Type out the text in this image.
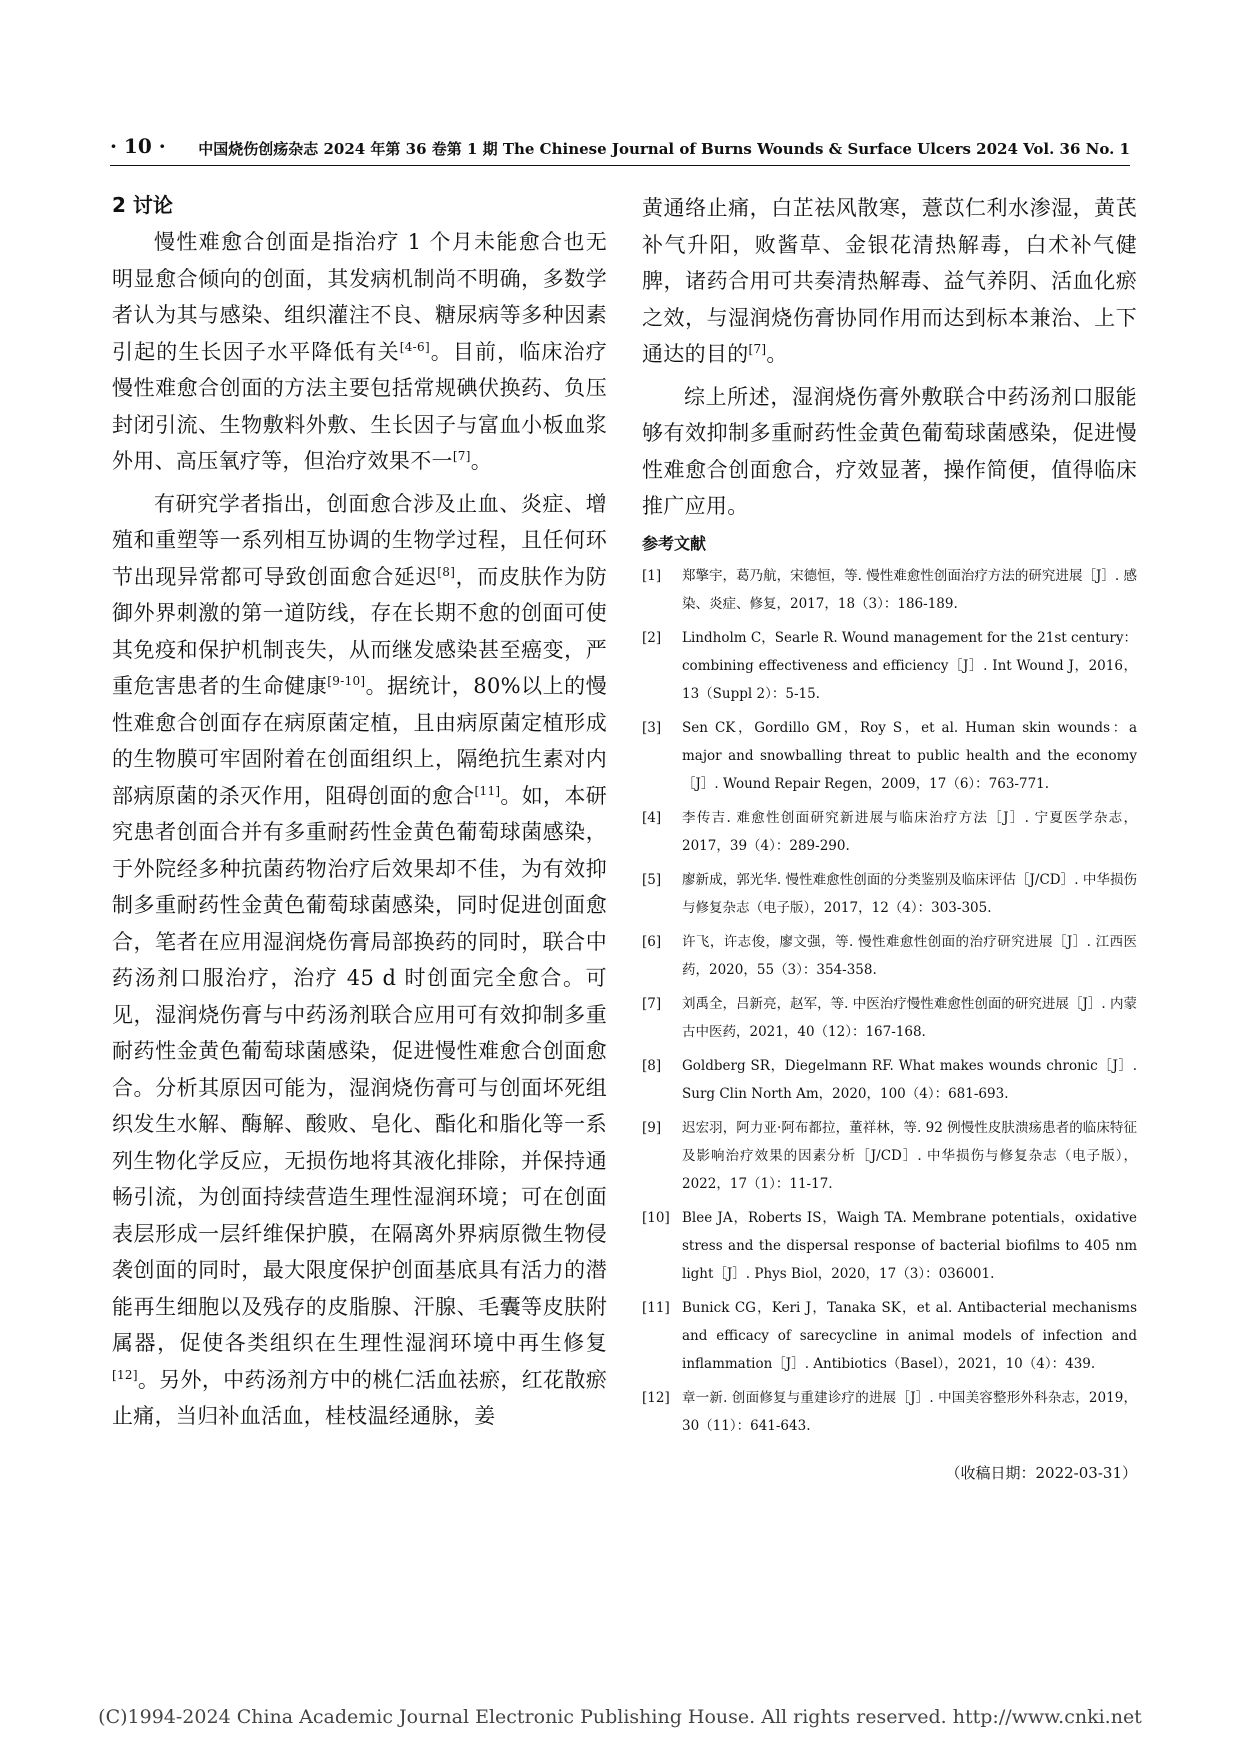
· 10 · 中国烧伤创疡杂志 2024 年第 36 卷第 1 期 The Chinese Journal of Burns Wounds & Surface Ulcers 2024 Vol. 36 No. 1
2 讨论

慢性难愈合创面是指治疗 1 个月未能愈合也无明显愈合倾向的创面，其发病机制尚不明确，多数学者认为其与感染、组织灌注不良、糖尿病等多种因素引起的生长因子水平降低有关[4-6]。目前，临床治疗慢性难愈合创面的方法主要包括常规碘伏换药、负压封闭引流、生物敷料外敷、生长因子与富血小板血浆外用、高压氧疗等，但治疗效果不一[7]。

有研究学者指出，创面愈合涉及止血、炎症、增殖和重塑等一系列相互协调的生物学过程，且任何环节出现异常都可导致创面愈合延迟[8]，而皮肤作为防御外界刺激的第一道防线，存在长期不愈的创面可使其免疫和保护机制丧失，从而继发感染甚至癌变，严重危害患者的生命健康[9-10]。据统计，80%以上的慢性难愈合创面存在病原菌定植，且由病原菌定植形成的生物膜可牢固附着在创面组织上，隔绝抗生素对内部病原菌的杀灭作用，阻碍创面的愈合[11]。如，本研究患者创面合并有多重耐药性金黄色葡萄球菌感染，于外院经多种抗菌药物治疗后效果却不佳，为有效抑制多重耐药性金黄色葡萄球菌感染，同时促进创面愈合，笔者在应用湿润烧伤膏局部换药的同时，联合中药汤剂口服治疗，治疗 45 d 时创面完全愈合。可见，湿润烧伤膏与中药汤剂联合应用可有效抑制多重耐药性金黄色葡萄球菌感染，促进慢性难愈合创面愈合。分析其原因可能为，湿润烧伤膏可与创面坏死组织发生水解、酶解、酸败、皂化、酯化和脂化等一系列生物化学反应，无损伤地将其液化排除，并保持通畅引流，为创面持续营造生理性湿润环境；可在创面表层形成一层纤维保护膜，在隔离外界病原微生物侵袭创面的同时，最大限度保护创面基底具有活力的潜能再生细胞以及残存的皮脂腺、汗腺、毛囊等皮肤附属器，促使各类组织在生理性湿润环境中再生修复[12]。另外，中药汤剂方中的桃仁活血祛瘀，红花散瘀止痛，当归补血活血，桂枝温经通脉，姜

黄通络止痛，白芷祛风散寒，薏苡仁利水渗湿，黄芪补气升阳，败酱草、金银花清热解毒，白术补气健脾，诸药合用可共奏清热解毒、益气养阴、活血化瘀之效，与湿润烧伤膏协同作用而达到标本兼治、上下通达的目的[7]。

综上所述，湿润烧伤膏外敷联合中药汤剂口服能够有效抑制多重耐药性金黄色葡萄球菌感染，促进慢性难愈合创面愈合，疗效显著，操作简便，值得临床推广应用。

参考文献
[1]	郑擎宇，葛乃航，宋德恒，等. 慢性难愈性创面治疗方法的研究进展［J］. 感染、炎症、修复，2017，18（3）：186-189.
[2]	Lindholm C，Searle R. Wound management for the 21st century：combining effectiveness and efficiency［J］. Int Wound J，2016，13（Suppl 2）：5-15.
[3]	Sen CK，Gordillo GM，Roy S，et al. Human skin wounds：a major and snowballing threat to public health and the economy［J］. Wound Repair Regen，2009，17（6）：763-771.
[4]	李传吉. 难愈性创面研究新进展与临床治疗方法［J］. 宁夏医学杂志，2017，39（4）：289-290.
[5]	廖新成，郭光华. 慢性难愈性创面的分类鉴别及临床评估［J/CD］. 中华损伤与修复杂志（电子版），2017，12（4）：303-305.
[6]	许飞，许志俊，廖文强，等. 慢性难愈性创面的治疗研究进展［J］. 江西医药，2020，55（3）：354-358.
[7]	刘禹全，吕新亮，赵军，等. 中医治疗慢性难愈性创面的研究进展［J］. 内蒙古中医药，2021，40（12）：167-168.
[8]	Goldberg SR，Diegelmann RF. What makes wounds chronic［J］. Surg Clin North Am，2020，100（4）：681-693.
[9]	迟宏羽，阿力亚·阿布都拉，董祥林，等. 92 例慢性皮肤溃疡患者的临床特征及影响治疗效果的因素分析［J/CD］. 中华损伤与修复杂志（电子版），2022，17（1）：11-17.
[10] Blee JA，Roberts IS，Waigh TA. Membrane potentials，oxidative stress and the dispersal response of bacterial biofilms to 405 nm light［J］. Phys Biol，2020，17（3）：036001.
[11] Bunick CG，Keri J，Tanaka SK，et al. Antibacterial mechanisms and efficacy of sarecycline in animal models of infection and inflammation［J］. Antibiotics（Basel），2021，10（4）：439.
[12] 章一新. 创面修复与重建诊疗的进展［J］. 中国美容整形外科杂志，2019，30（11）：641-643.
（收稿日期：2022-03-31）
(C)1994-2024 China Academic Journal Electronic Publishing House. All rights reserved. http://www.cnki.net
